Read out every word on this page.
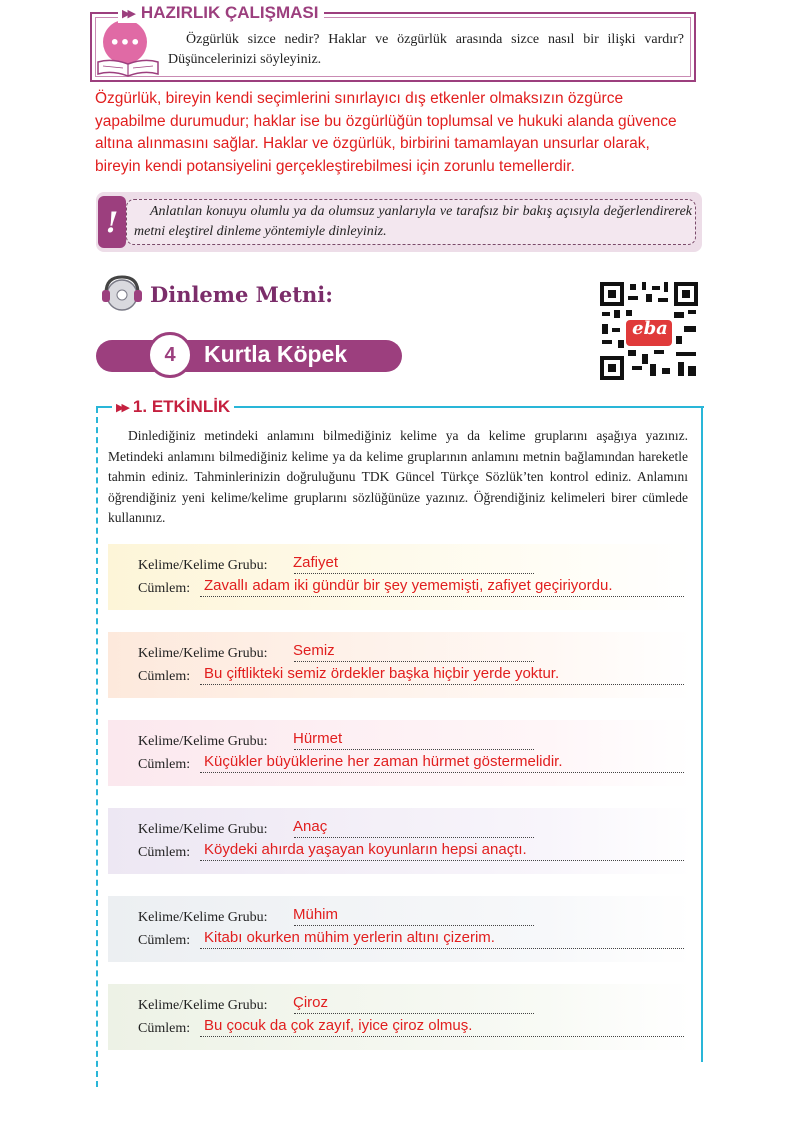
▶▶ HAZIRLIK ÇALIŞMASI
•••	Özgürlük sizce nedir? Haklar ve özgürlük arasında sizce nasıl bir ilişki vardır? Düşüncelerinizi söyleyiniz.
Özgürlük, bireyin kendi seçimlerini sınırlayıcı dış etkenler olmaksızın özgürce yapabilme durumudur; haklar ise bu özgürlüğün toplumsal ve hukuki alanda güvence altına alınmasını sağlar. Haklar ve özgürlük, birbirini tamamlayan unsurlar olarak, bireyin kendi potansiyelini gerçekleştirebilmesi için zorunlu temellerdir.
!	Anlatılan konuyu olumlu ya da olumsuz yanlarıyla ve tarafsız bir bakış açısıyla değerlendirerek metni eleştirel dinleme yöntemiyle dinleyiniz.
Dinleme Metni:
eba
4	Kurtla Köpek
▶▶ 1. ETKİNLİK
Dinlediğiniz metindeki anlamını bilmediğiniz kelime ya da kelime gruplarını aşağıya yazınız. Metindeki anlamını bilmediğiniz kelime ya da kelime gruplarının anlamını metnin bağlamından hareketle tahmin ediniz. Tahminlerinizin doğruluğunu TDK Güncel Türkçe Sözlük’ten kontrol ediniz. Anlamını öğrendiğiniz yeni kelime/kelime gruplarını sözlüğünüze yazınız. Öğrendiğiniz kelimeleri birer cümlede kullanınız.
Kelime/Kelime Grubu: Zafiyet
Cümlem: Zavallı adam iki gündür bir şey yememişti, zafiyet geçiriyordu.
Kelime/Kelime Grubu: Semiz
Cümlem: Bu çiftlikteki semiz ördekler başka hiçbir yerde yoktur.
Kelime/Kelime Grubu: Hürmet
Cümlem: Küçükler büyüklerine her zaman hürmet göstermelidir.
Kelime/Kelime Grubu: Anaç
Cümlem: Köydeki ahırda yaşayan koyunların hepsi anaçtı.
Kelime/Kelime Grubu: Mühim
Cümlem: Kitabı okurken mühim yerlerin altını çizerim.
Kelime/Kelime Grubu: Çiroz
Cümlem: Bu çocuk da çok zayıf, iyice çiroz olmuş.
